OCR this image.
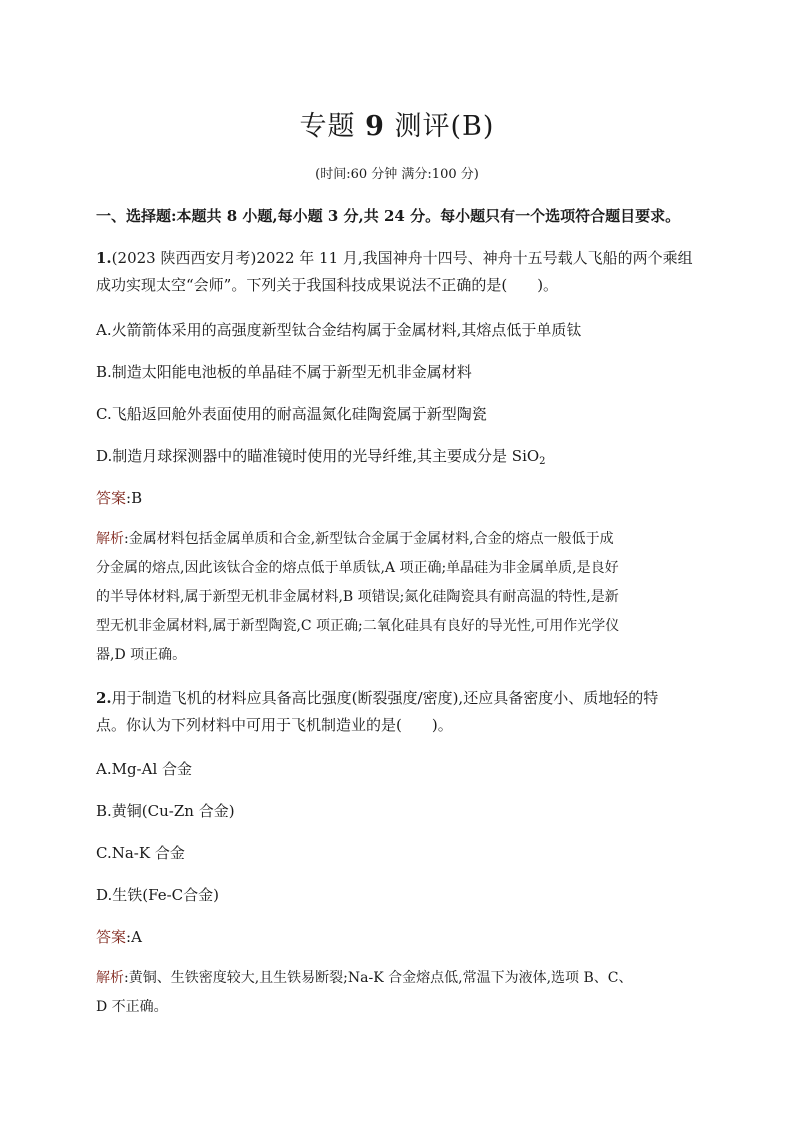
专题 9 测评(B)
(时间:60 分钟 满分:100 分)
一、选择题:本题共 8 小题,每小题 3 分,共 24 分。每小题只有一个选项符合题目要求。
1.(2023 陕西西安月考)2022 年 11 月,我国神舟十四号、神舟十五号载人飞船的两个乘组
成功实现太空“会师”。下列关于我国科技成果说法不正确的是(　　)。
A.火箭箭体采用的高强度新型钛合金结构属于金属材料,其熔点低于单质钛
B.制造太阳能电池板的单晶硅不属于新型无机非金属材料
C.飞船返回舱外表面使用的耐高温氮化硅陶瓷属于新型陶瓷
D.制造月球探测器中的瞄准镜时使用的光导纤维,其主要成分是 SiO$_2$
答案:B
解析:金属材料包括金属单质和合金,新型钛合金属于金属材料,合金的熔点一般低于成
分金属的熔点,因此该钛合金的熔点低于单质钛,A 项正确;单晶硅为非金属单质,是良好
的半导体材料,属于新型无机非金属材料,B 项错误;氮化硅陶瓷具有耐高温的特性,是新
型无机非金属材料,属于新型陶瓷,C 项正确;二氧化硅具有良好的导光性,可用作光学仪
器,D 项正确。
2.用于制造飞机的材料应具备高比强度(断裂强度/密度),还应具备密度小、质地轻的特
点。你认为下列材料中可用于飞机制造业的是(　　)。
A.Mg-Al 合金
B.黄铜(Cu-Zn 合金)
C.Na-K 合金
D.生铁(Fe-C合金)
答案:A
解析:黄铜、生铁密度较大,且生铁易断裂;Na-K 合金熔点低,常温下为液体,选项 B、C、
D 不正确。
